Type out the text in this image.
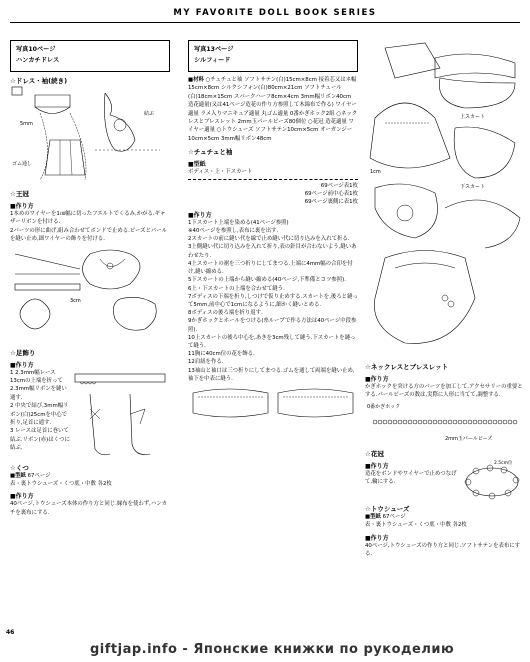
MY FAVORITE DOLL BOOK SERIES
写真10ページ
ハンカチドレス
☆ドレス・袖(続き)
5mm
結ぶ
ゴム通し
☆王冠
■作り方
1本めのワイヤーを1㎝幅に切ったフエルトでくるみ,かがる.ギャザーリボンを付ける.
2パーツの形に曲げ,組み合わせてボンドで止める.ビーズとパールを縫い止め,細ワイヤーの飾りを付ける.
3cm
☆足飾り
■作り方
1 2.3mm幅レース13cmの上端を折って2.3mm幅リボンを縫い通す.
2 中央で結び,3mm幅リボン(白)25cmを中心で折り,足首に通す.
3 レースは足首に巻いて結ぶ.リボン(赤)はくつに結ぶ.
☆くつ
■型紙 67ページ
表・裏トウシューズ・くつ底・中敷 各2枚
■作り方
40ページ,トウシューズ本体の作り方と同じ.縁布を使わず,ハンカチを裏布にする.
写真13ページ
シルフィード
■材料 ○チュチュと袖 ソフトサテン(白)15cm×8cm 接着芯又はネ幅15cm×8cm シルクシフォン(白)80cm×21cm ソフトチュール(白)18cm×15cm スパークハーフ8cm×4cm 3mm幅リボン40cm 造花適量(又は41ページ造花の作り方参照して木綿布で作る) ワイヤー適量 ラメ入りマニキュア適量 丸ゴム適量 0番かぎホック2組 ○ネックレスとブレスレット 2mm玉パールビーズ80個位 ○花冠 造花適量 ワイヤー適量 ○トウシューズ ソフトサテン10cm×5cm オーガンジー10cm×5cm 3mm幅リボン48cm
☆チュチュと袖
■型紙
ボディス・上・下スカート
69ページ表1枚
69ページ前中心表1枚
69ページ裏側に表1枚
■作り方
1下スカート上端を染める(41ページ参照)
※40ページを参照し,表布に裏を出す.
2スカートの前に縫い代を線で止め縫い代に切り込みを入れて折る.
3上側縫い代に切り込みを入れて折り,表の針目が合わないよう,縫いあわせたり.
4上スカートの裾を三つ折りにしてまつる.上端に4mm幅の合印を付け,縫い縮める.
5下スカートの上端から縫い縮める(40ページ,下準備とコツ参照).
6上・下スカートの上端を合わせて縫う.
7ボディスの下端を折り,しつけで仮り止めする.スカートを,後ろと縫って5mm,前中心で1cmになるように,細かく縫いとめる.
8ボディスの後ろ端を折り返す.
9かぎホックとホールをつける(糸ループで作る方法は40ページ中段参照).
10上スカートの後ろ中心を,あきを3cm残して縫う.下スカートを縫って縫う.
11胸に40cm位の花を飾る.
12肩紐を作る.
13袖山と袖口は三つ折りにしてまつる.ゴムを通して両端を縫い止め,袖下を中表に縫う.
上スカート
下スカート
1cm
☆ネックレスとブレスレット
■作り方
かぎホックを突ける方のパーツを加工して,アクセサリーの重要とする.パールビーズの数は,実際に人形に当てて,調整する.
0番かぎホック
2mm玉パールビーズ
☆花冠
■作り方
造花をボンドやワイヤーで止めつなげて,輪にする.
2.5cm位
☆トウシューズ
■型紙 67ページ
表・裏トウシューズ・くつ底・中敷 各2枚
■作り方
40ページ,トウシューズの作り方と同じ.ソフトサテンを表布にする.
46
giftjap.info - Японские книжки по рукоделию
